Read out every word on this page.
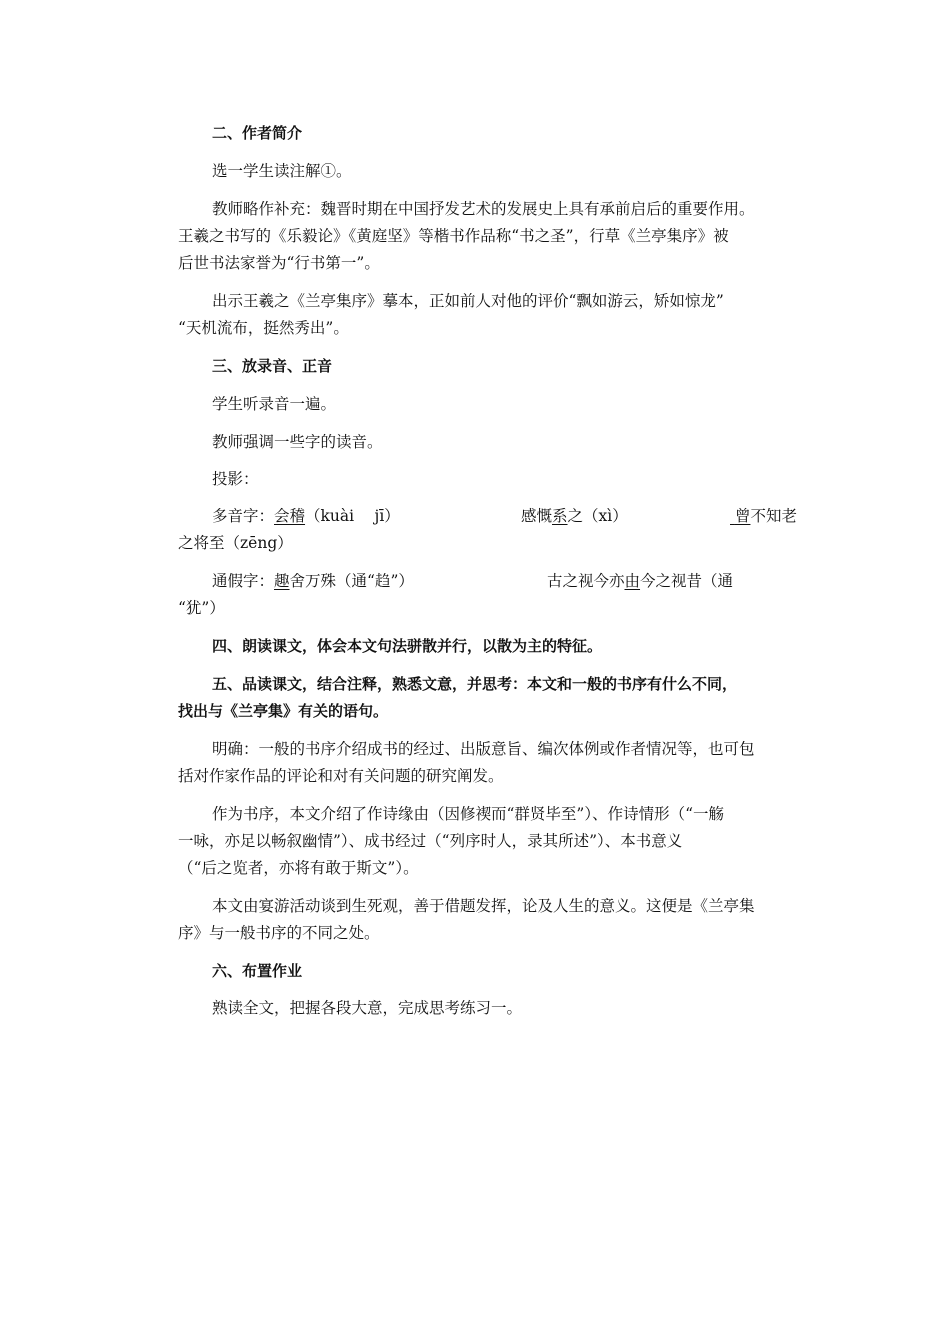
二、作者简介
选一学生读注解①。
教师略作补充：魏晋时期在中国抒发艺术的发展史上具有承前启后的重要作用。
王羲之书写的《乐毅论》《黄庭坚》等楷书作品称“书之圣”，行草《兰亭集序》被
后世书法家誉为“行书第一”。
出示王羲之《兰亭集序》摹本，正如前人对他的评价“飘如游云，矫如惊龙”
“天机流布，挺然秀出”。
三、放录音、正音
学生听录音一遍。
教师强调一些字的读音。
投影：
多音字：会稽（kuài　 jī）	感慨系之（xì）	曾不知老
之将至（zēng）
通假字：趣舍万殊（通“趋”）	古之视今亦由今之视昔（通
“犹”）
四、朗读课文，体会本文句法骈散并行，以散为主的特征。
五、品读课文，结合注释，熟悉文意，并思考：本文和一般的书序有什么不同，
找出与《兰亭集》有关的语句。
明确：一般的书序介绍成书的经过、出版意旨、编次体例或作者情况等，也可包
括对作家作品的评论和对有关问题的研究阐发。
作为书序，本文介绍了作诗缘由（因修禊而“群贤毕至”）、作诗情形（“一觞
一咏，亦足以畅叙幽情”）、成书经过（“列序时人，录其所述”）、本书意义
（“后之览者，亦将有敢于斯文”）。
本文由宴游活动谈到生死观，善于借题发挥，论及人生的意义。这便是《兰亭集
序》与一般书序的不同之处。
六、布置作业
熟读全文，把握各段大意，完成思考练习一。
